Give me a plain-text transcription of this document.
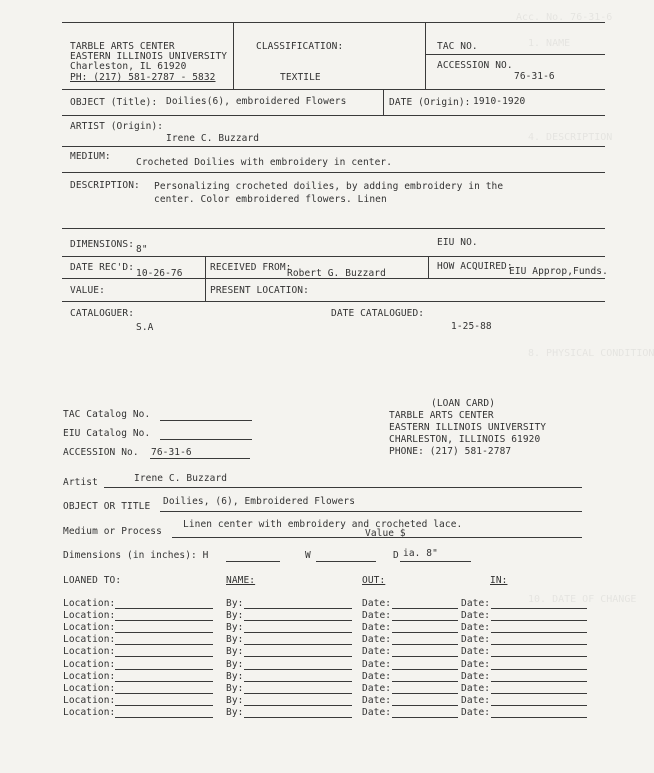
Acc. No. 76-31-6
1. NAME
4. DESCRIPTION
8. PHYSICAL CONDITION
10. DATE OF CHANGE
TARBLE ARTS CENTER
EASTERN ILLINOIS UNIVERSITY
Charleston, IL 61920
PH: (217) 581-2787 - 5832
CLASSIFICATION:
TEXTILE
TAC NO.
ACCESSION NO.
76-31-6
OBJECT (Title): Doilies(6), embroidered Flowers	DATE (Origin): 1910-1920
ARTIST (Origin):
Irene C. Buzzard
MEDIUM:
Crocheted Doilies with embroidery in center.
DESCRIPTION: Personalizing crocheted doilies, by adding embroidery in the
center. Color embroidered flowers. Linen
DIMENSIONS: 8"
EIU NO.
DATE REC'D:
10-26-76
RECEIVED FROM:
Robert G. Buzzard
HOW ACQUIRED:
EIU Approp,Funds.
VALUE:	PRESENT LOCATION:
CATALOGUER:
S.A
DATE CATALOGUED:
1-25-88
(LOAN CARD)
TARBLE ARTS CENTER
EASTERN ILLINOIS UNIVERSITY
CHARLESTON, ILLINOIS 61920
PHONE: (217) 581-2787
TAC Catalog No.
EIU Catalog No.
ACCESSION No. 76-31-6
Artist	Irene C. Buzzard
OBJECT OR TITLE Doilies, (6), Embroidered Flowers
Medium or Process
Linen center with embroidery and crocheted lace.
Value $
Dimensions (in inches): H	W	D ia. 8"
LOANED TO:	NAME:	OUT:	IN:
Location:	By:	Date:	Date:
Location:	By:	Date:	Date:
Location:	By:	Date:	Date:
Location:	By:	Date:	Date:
Location:	By:	Date:	Date:
Location:	By:	Date:	Date:
Location:	By:	Date:	Date:
Location:	By:	Date:	Date:
Location:	By:	Date:	Date:
Location:	By:	Date:	Date:
